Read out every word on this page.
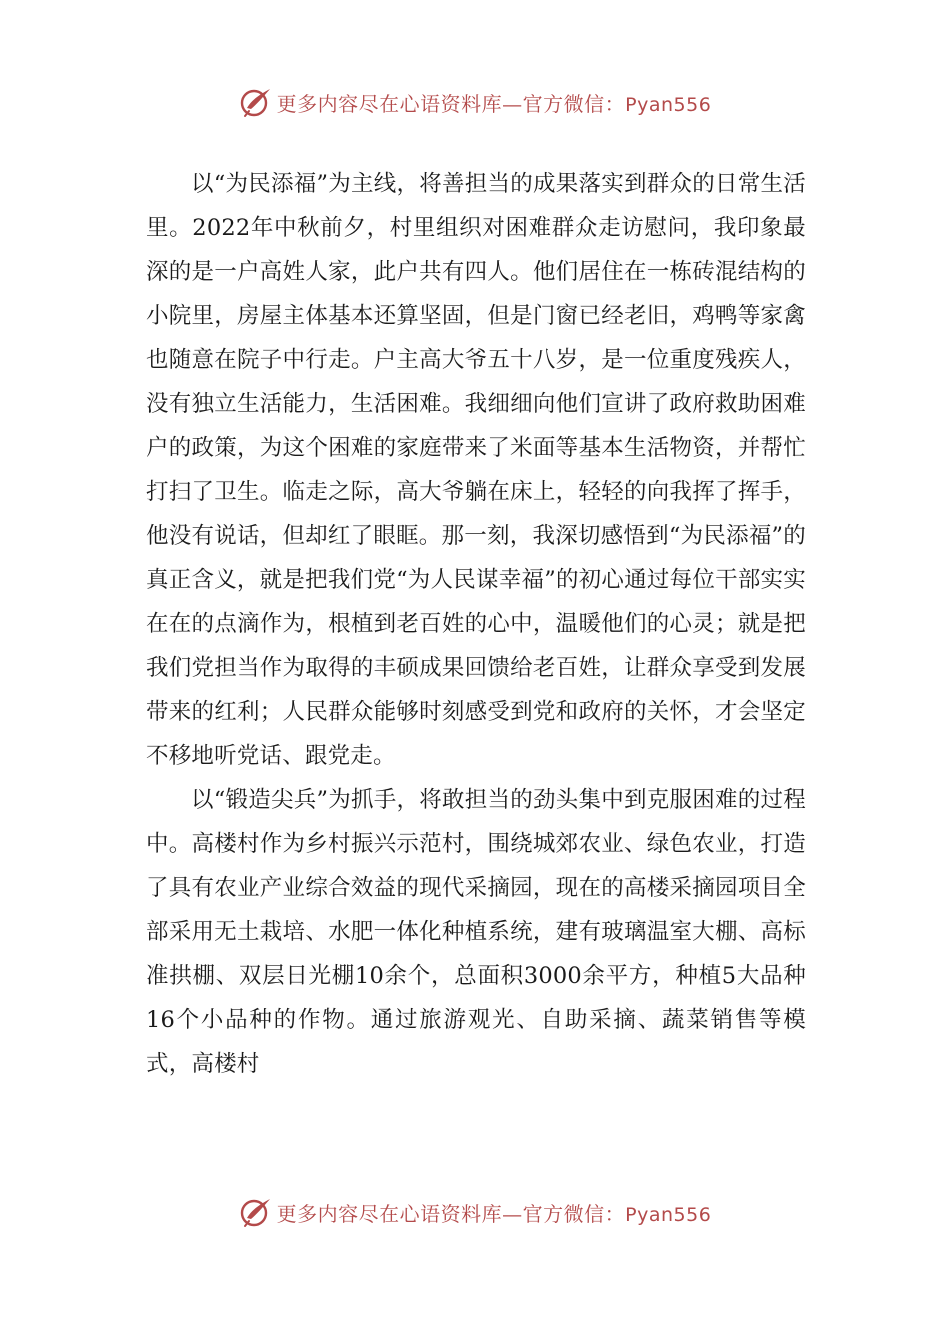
更多内容尽在心语资料库—官方微信：Pyan556

以“为民添福”为主线，将善担当的成果落实到群众的日常生活里。2022年中秋前夕，村里组织对困难群众走访慰问，我印象最深的是一户高姓人家，此户共有四人。他们居住在一栋砖混结构的小院里，房屋主体基本还算坚固，但是门窗已经老旧，鸡鸭等家禽也随意在院子中行走。户主高大爷五十八岁，是一位重度残疾人，没有独立生活能力，生活困难。我细细向他们宣讲了政府救助困难户的政策，为这个困难的家庭带来了米面等基本生活物资，并帮忙打扫了卫生。临走之际，高大爷躺在床上，轻轻的向我挥了挥手，他没有说话，但却红了眼眶。那一刻，我深切感悟到“为民添福”的真正含义，就是把我们党“为人民谋幸福”的初心通过每位干部实实在在的点滴作为，根植到老百姓的心中，温暖他们的心灵；就是把我们党担当作为取得的丰硕成果回馈给老百姓，让群众享受到发展带来的红利；人民群众能够时刻感受到党和政府的关怀，才会坚定不移地听党话、跟党走。

以“锻造尖兵”为抓手，将敢担当的劲头集中到克服困难的过程中。高楼村作为乡村振兴示范村，围绕城郊农业、绿色农业，打造了具有农业产业综合效益的现代采摘园，现在的高楼采摘园项目全部采用无土栽培、水肥一体化种植系统，建有玻璃温室大棚、高标准拱棚、双层日光棚10余个，总面积3000余平方，种植5大品种16个小品种的作物。通过旅游观光、自助采摘、蔬菜销售等模式，高楼村

更多内容尽在心语资料库—官方微信：Pyan556
